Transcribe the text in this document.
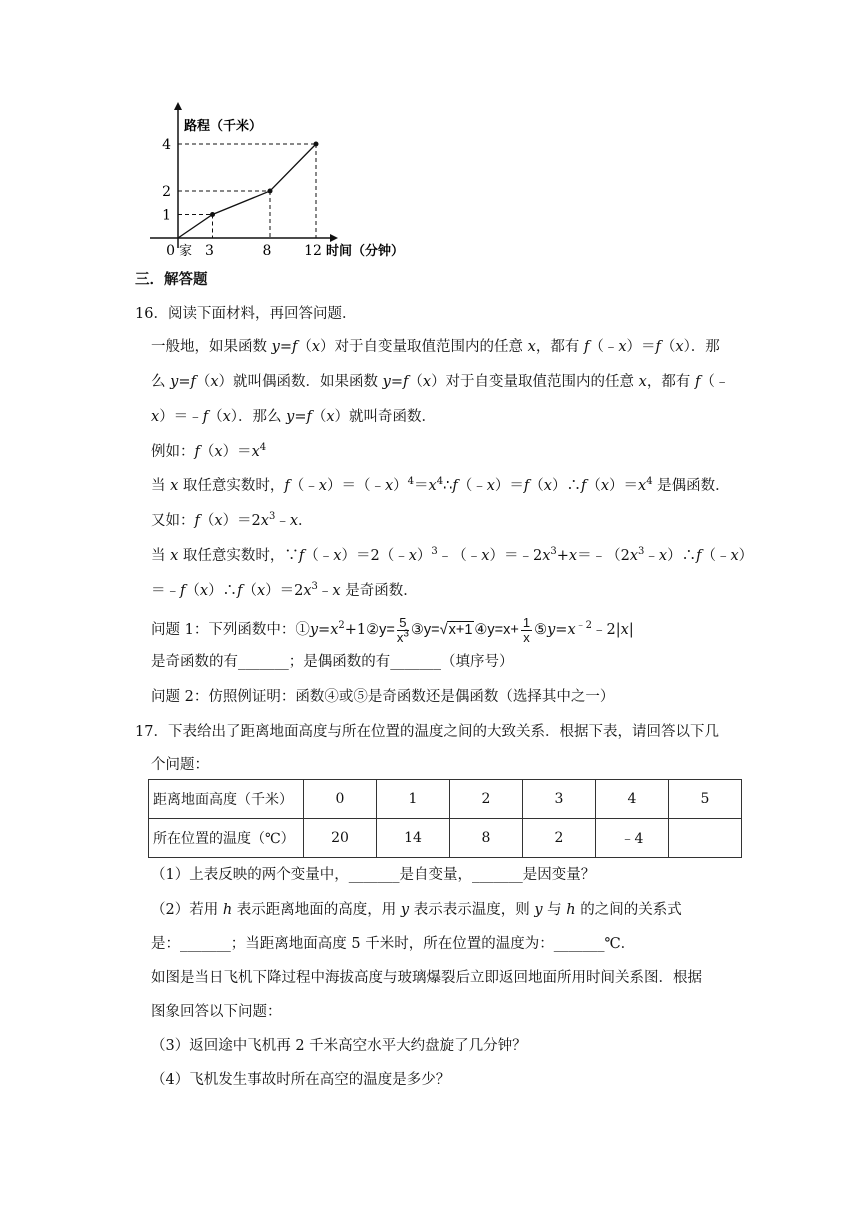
0 3	8 12
1
2
4
家
路程（千米）
时间（分钟）
三．解答题
16．阅读下面材料，再回答问题．
一般地，如果函数 y=f（x）对于自变量取值范围内的任意 x，都有 f（﹣x）＝f（x）．那
么 y=f（x）就叫偶函数．如果函数 y=f（x）对于自变量取值范围内的任意 x，都有 f（﹣
x）＝﹣f（x）．那么 y=f（x）就叫奇函数．
例如：$f(x)=x^4$
当 x 取任意实数时，$f(﹣x)=(﹣x)^4=x^4\therefore f(﹣x)=f(x)\therefore f(x)=x^4$ 是偶函数．
又如：$f(x)=2x^3﹣x$．
当 x 取任意实数时，$\because f(﹣x)=2(﹣x)^3﹣(﹣x)=﹣2x^3+x=﹣(2x^3﹣x)\therefore f(﹣x)$
$=﹣f(x)\therefore f(x)=2x^3﹣x$ 是奇函数．
问题 1：下列函数中：$①y=x^2+1②y= \frac{5}{x^3}$ ③y=√x+1 ④y=x+ $\frac{1}{x}$ $⑤y=x^{﹣2}﹣2|x|$
是奇函数的有_______；是偶函数的有_______（填序号）
问题 2：仿照例证明：函数④或⑤是奇函数还是偶函数（选择其中之一）
17．下表给出了距离地面高度与所在位置的温度之间的大致关系．根据下表，请回答以下几
个问题：
距离地面高度（千米）	0	1	2	3	4	5
所在位置的温度（℃）	20	14	8	2	﹣4	
（1）上表反映的两个变量中，_______是自变量，_______是因变量？
（2）若用 h 表示距离地面的高度，用 y 表示表示温度，则 y 与 h 的之间的关系式
是：_______；当距离地面高度 5 千米时，所在位置的温度为：_______℃．
如图是当日飞机下降过程中海拔高度与玻璃爆裂后立即返回地面所用时间关系图．根据
图象回答以下问题：
（3）返回途中飞机再 2 千米高空水平大约盘旋了几分钟？
（4）飞机发生事故时所在高空的温度是多少？
